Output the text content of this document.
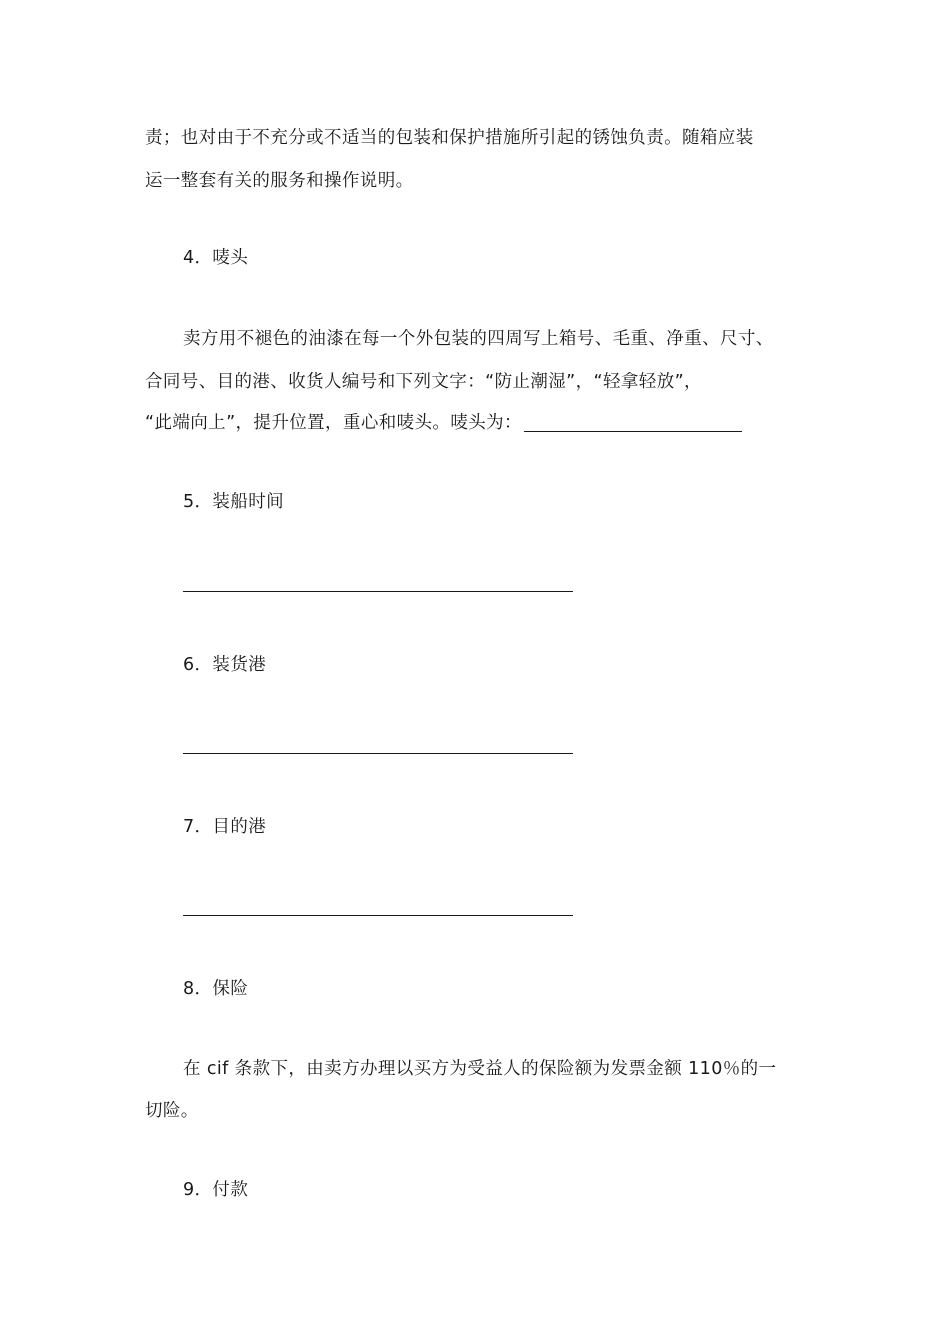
责；也对由于不充分或不适当的包装和保护措施所引起的锈蚀负责。随箱应装
运一整套有关的服务和操作说明。
4．唛头
卖方用不褪色的油漆在每一个外包装的四周写上箱号、毛重、净重、尺寸、
合同号、目的港、收货人编号和下列文字：“防止潮湿”，“轻拿轻放”，
“此端向上”，提升位置，重心和唛头。唛头为：
5．装船时间
6．装货港
7．目的港
8．保险
在 cif 条款下，由卖方办理以买方为受益人的保险额为发票金额 110％的一
切险。
9．付款
